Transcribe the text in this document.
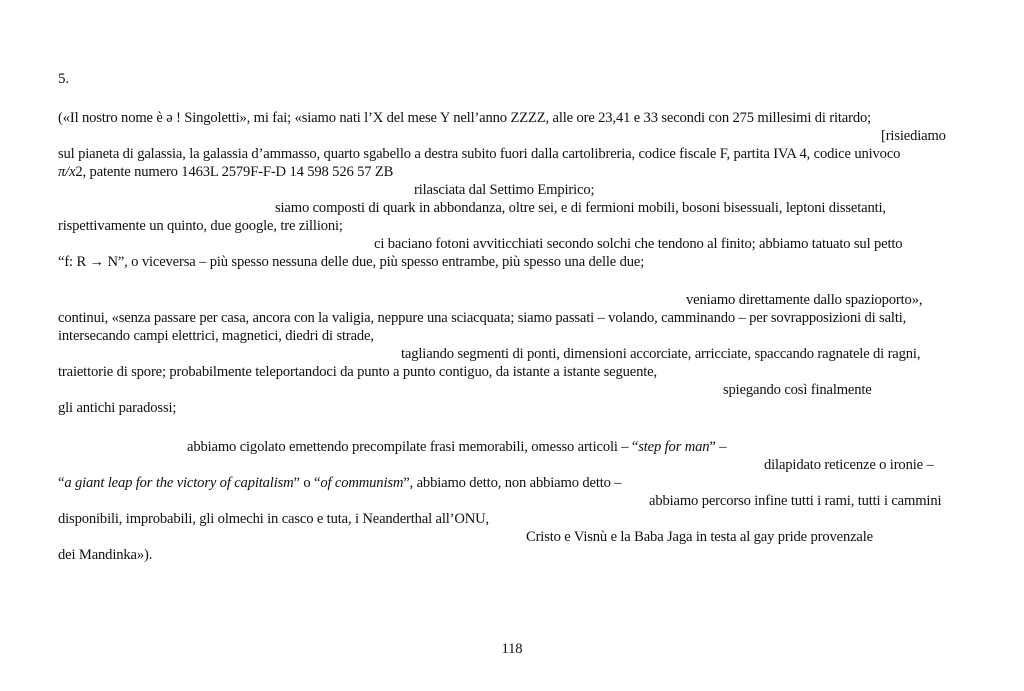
5.
(«Il nostro nome è ǝ ! Singoletti», mi fai; «siamo nati l’X del mese Y nell’anno ZZZZ, alle ore 23,41 e 33 secondi con 275 millesimi di ritardo;
[risiediamo
sul pianeta di galassia, la galassia d’ammasso, quarto sgabello a destra subito fuori dalla cartolibreria, codice fiscale F, partita IVA 4, codice univoco
π/x2, patente numero 1463L 2579F-F-D 14 598 526 57 ZB
rilasciata dal Settimo Empirico;
siamo composti di quark in abbondanza, oltre sei, e di fermioni mobili, bosoni bisessuali, leptoni dissetanti,
rispettivamente un quinto, due google, tre zillioni;
ci baciano fotoni avviticchiati secondo solchi che tendono al finito; abbiamo tatuato sul petto
“f: R → N”, o viceversa – più spesso nessuna delle due, più spesso entrambe, più spesso una delle due;
veniamo direttamente dallo spazioporto»,
continui, «senza passare per casa, ancora con la valigia, neppure una sciacquata; siamo passati – volando, camminando – per sovrapposizioni di salti,
intersecando campi elettrici, magnetici, diedri di strade,
tagliando segmenti di ponti, dimensioni accorciate, arricciate, spaccando ragnatele di ragni,
traiettorie di spore; probabilmente teleportandoci da punto a punto contiguo, da istante a istante seguente,
spiegando così finalmente
gli antichi paradossi;
abbiamo cigolato emettendo precompilate frasi memorabili, omesso articoli – “step for man” –
dilapidato reticenze o ironie –
“a giant leap for the victory of capitalism” o “of communism”, abbiamo detto, non abbiamo detto –
abbiamo percorso infine tutti i rami, tutti i cammini
disponibili, improbabili, gli olmechi in casco e tuta, i Neanderthal all’ONU,
Cristo e Visnù e la Baba Jaga in testa al gay pride provenzale
dei Mandinka»).
118
